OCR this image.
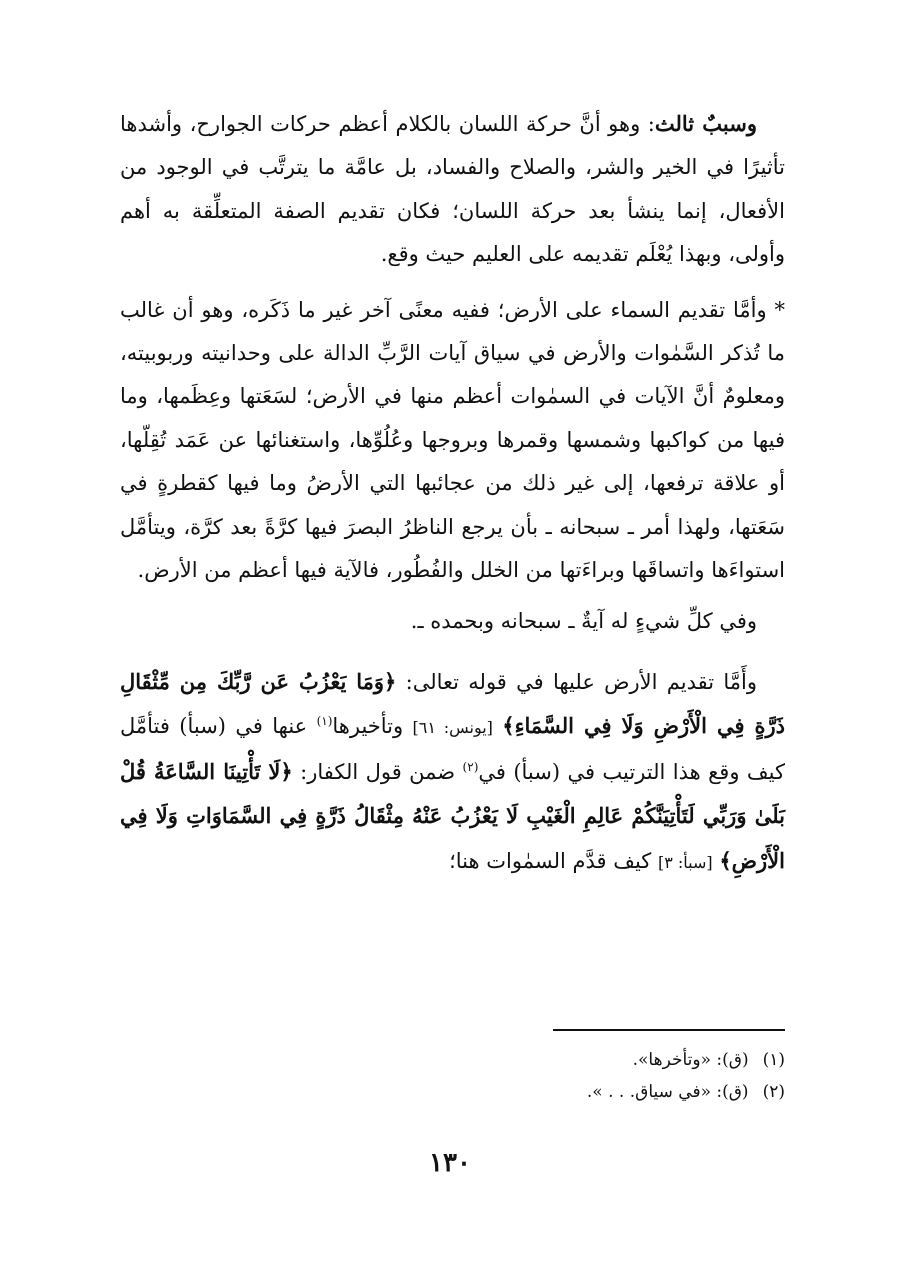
وسببٌ ثالث: وهو أنَّ حركة اللسان بالكلام أعظم حركات الجوارح، وأشدها تأثيرًا في الخير والشر، والصلاح والفساد، بل عامَّة ما يترتَّب في الوجود من الأفعال، إنما ينشأ بعد حركة اللسان؛ فكان تقديم الصفة المتعلِّقة به أهم وأولى، وبهذا يُعْلَم تقديمه على العليم حيث وقع.

* وأمَّا تقديم السماء على الأرض؛ ففيه معنًى آخر غير ما ذَكَره، وهو أن غالب ما تُذكر السَّمٰوات والأرض في سياق آيات الرَّبِّ الدالة على وحدانيته وربوبيته، ومعلومٌ أنَّ الآيات في السمٰوات أعظم منها في الأرض؛ لسَعَتها وعِظَمها، وما فيها من كواكبها وشمسها وقمرها وبروجها وعُلُوِّها، واستغنائها عن عَمَد تُقِلّها، أو علاقة ترفعها، إلى غير ذلك من عجائبها التي الأرضُ وما فيها كقطرةٍ في سَعَتها، ولهذا أمر ـ سبحانه ـ بأن يرجع الناظرُ البصرَ فيها كرَّةً بعد كرَّة، ويتأمَّل استواءَها واتساقَها وبراءَتها من الخلل والفُطُور، فالآية فيها أعظم من الأرض.

وفي كلِّ شيءٍ له آيةٌ ـ سبحانه وبحمده ـ.

وأَمَّا تقديم الأرض عليها في قوله تعالى: ﴿وَمَا يَعْزُبُ عَن رَّبِّكَ مِن مِّثْقَالِ ذَرَّةٍ فِي الْأَرْضِ وَلَا فِي السَّمَاءِ﴾ [يونس: ٦١] وتأخيرها$^{(١)}$ عنها في (سبأ) فتأمَّل كيف وقع هذا الترتيب في (سبأ) في$^{(٢)}$ ضمن قول الكفار: ﴿لَا تَأْتِينَا السَّاعَةُ قُلْ بَلَىٰ وَرَبِّي لَتَأْتِيَنَّكُمْ عَالِمِ الْغَيْبِ لَا يَعْزُبُ عَنْهُ مِثْقَالُ ذَرَّةٍ فِي السَّمَاوَاتِ وَلَا فِي الْأَرْضِ﴾ [سبأ: ٣] كيف قدَّم السمٰوات هنا؛

(١)(ق): «وتأخرها».

(٢)(ق): «في سياق. . . ».

١٣٠
